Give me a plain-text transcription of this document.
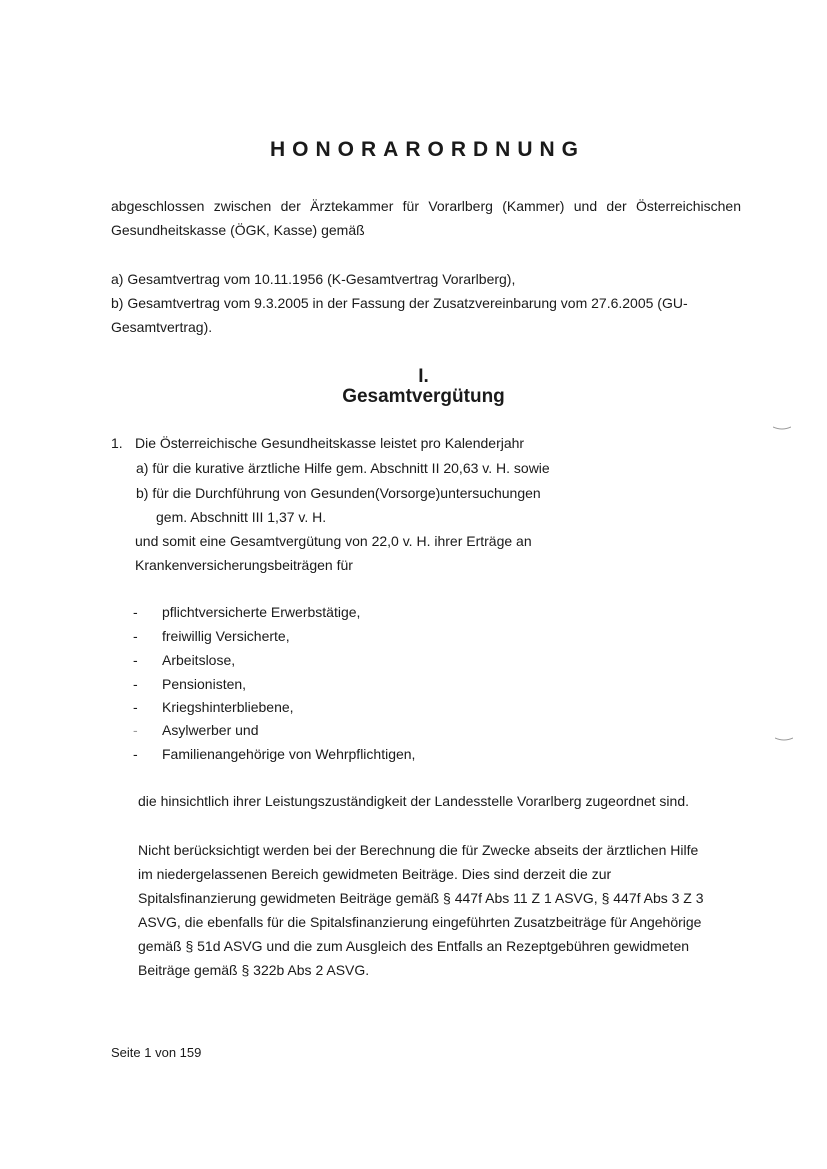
HONORARORDNUNG
abgeschlossen zwischen der Ärztekammer für Vorarlberg (Kammer) und der Österreichischen Gesundheitskasse (ÖGK, Kasse) gemäß
a) Gesamtvertrag vom 10.11.1956 (K-Gesamtvertrag Vorarlberg),
b) Gesamtvertrag vom 9.3.2005 in der Fassung der Zusatzvereinbarung vom 27.6.2005 (GU-
Gesamtvertrag).
I.
Gesamtvergütung
1. Die Österreichische Gesundheitskasse leistet pro Kalenderjahr
a) für die kurative ärztliche Hilfe gem. Abschnitt II 20,63 v. H. sowie
b) für die Durchführung von Gesunden(Vorsorge)untersuchungen
gem. Abschnitt III 1,37 v. H.
und somit eine Gesamtvergütung von 22,0 v. H. ihrer Erträge an
Krankenversicherungsbeiträgen für
- pflichtversicherte Erwerbstätige,
- freiwillig Versicherte,
- Arbeitslose,
- Pensionisten,
- Kriegshinterbliebene,
- Asylwerber und
- Familienangehörige von Wehrpflichtigen,
die hinsichtlich ihrer Leistungszuständigkeit der Landesstelle Vorarlberg zugeordnet sind.
Nicht berücksichtigt werden bei der Berechnung die für Zwecke abseits der ärztlichen Hilfe
im niedergelassenen Bereich gewidmeten Beiträge. Dies sind derzeit die zur
Spitalsfinanzierung gewidmeten Beiträge gemäß § 447f Abs 11 Z 1 ASVG, § 447f Abs 3 Z 3
ASVG, die ebenfalls für die Spitalsfinanzierung eingeführten Zusatzbeiträge für Angehörige
gemäß § 51d ASVG und die zum Ausgleich des Entfalls an Rezeptgebühren gewidmeten
Beiträge gemäß § 322b Abs 2 ASVG.
Seite 1 von 159
